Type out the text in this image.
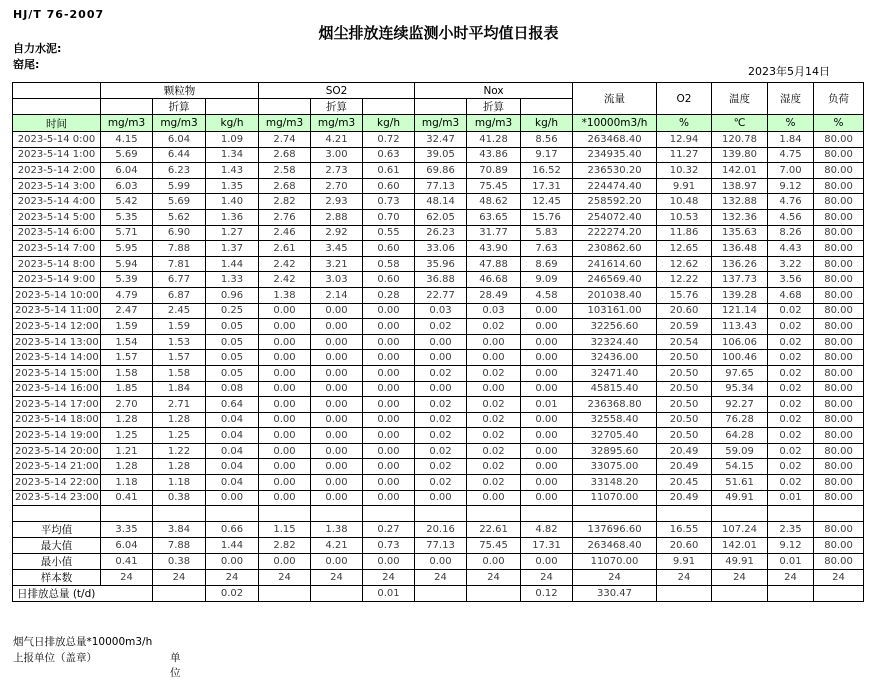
HJ/T 76-2007
烟尘排放连续监测小时平均值日报表
自力水泥:
窑尾:
2023年5月14日
	颗粒物			SO2			Nox			流量	O2	温度	湿度	负荷
		折算			折算			折算						
时间	mg/m3	mg/m3	kg/h	mg/m3	mg/m3	kg/h	mg/m3	mg/m3	kg/h	*10000m3/h	%	℃	%	%
2023-5-14 0:00	4.15	6.04	1.09	2.74	4.21	0.72	32.47	41.28	8.56	263468.40	12.94	120.78	1.84	80.00
2023-5-14 1:00	5.69	6.44	1.34	2.68	3.00	0.63	39.05	43.86	9.17	234935.40	11.27	139.80	4.75	80.00
2023-5-14 2:00	6.04	6.23	1.43	2.58	2.73	0.61	69.86	70.89	16.52	236530.20	10.32	142.01	7.00	80.00
2023-5-14 3:00	6.03	5.99	1.35	2.68	2.70	0.60	77.13	75.45	17.31	224474.40	9.91	138.97	9.12	80.00
2023-5-14 4:00	5.42	5.69	1.40	2.82	2.93	0.73	48.14	48.62	12.45	258592.20	10.48	132.88	4.76	80.00
2023-5-14 5:00	5.35	5.62	1.36	2.76	2.88	0.70	62.05	63.65	15.76	254072.40	10.53	132.36	4.56	80.00
2023-5-14 6:00	5.71	6.90	1.27	2.46	2.92	0.55	26.23	31.77	5.83	222274.20	11.86	135.63	8.26	80.00
2023-5-14 7:00	5.95	7.88	1.37	2.61	3.45	0.60	33.06	43.90	7.63	230862.60	12.65	136.48	4.43	80.00
2023-5-14 8:00	5.94	7.81	1.44	2.42	3.21	0.58	35.96	47.88	8.69	241614.60	12.62	136.26	3.22	80.00
2023-5-14 9:00	5.39	6.77	1.33	2.42	3.03	0.60	36.88	46.68	9.09	246569.40	12.22	137.73	3.56	80.00
2023-5-14 10:00	4.79	6.87	0.96	1.38	2.14	0.28	22.77	28.49	4.58	201038.40	15.76	139.28	4.68	80.00
2023-5-14 11:00	2.47	2.45	0.25	0.00	0.00	0.00	0.03	0.03	0.00	103161.00	20.60	121.14	0.02	80.00
2023-5-14 12:00	1.59	1.59	0.05	0.00	0.00	0.00	0.02	0.02	0.00	32256.60	20.59	113.43	0.02	80.00
2023-5-14 13:00	1.54	1.53	0.05	0.00	0.00	0.00	0.00	0.00	0.00	32324.40	20.54	106.06	0.02	80.00
2023-5-14 14:00	1.57	1.57	0.05	0.00	0.00	0.00	0.00	0.00	0.00	32436.00	20.50	100.46	0.02	80.00
2023-5-14 15:00	1.58	1.58	0.05	0.00	0.00	0.00	0.02	0.02	0.00	32471.40	20.50	97.65	0.02	80.00
2023-5-14 16:00	1.85	1.84	0.08	0.00	0.00	0.00	0.00	0.00	0.00	45815.40	20.50	95.34	0.02	80.00
2023-5-14 17:00	2.70	2.71	0.64	0.00	0.00	0.00	0.02	0.02	0.01	236368.80	20.50	92.27	0.02	80.00
2023-5-14 18:00	1.28	1.28	0.04	0.00	0.00	0.00	0.02	0.02	0.00	32558.40	20.50	76.28	0.02	80.00
2023-5-14 19:00	1.25	1.25	0.04	0.00	0.00	0.00	0.02	0.02	0.00	32705.40	20.50	64.28	0.02	80.00
2023-5-14 20:00	1.21	1.22	0.04	0.00	0.00	0.00	0.02	0.02	0.00	32895.60	20.49	59.09	0.02	80.00
2023-5-14 21:00	1.28	1.28	0.04	0.00	0.00	0.00	0.02	0.02	0.00	33075.00	20.49	54.15	0.02	80.00
2023-5-14 22:00	1.18	1.18	0.04	0.00	0.00	0.00	0.02	0.02	0.00	33148.20	20.45	51.61	0.02	80.00
2023-5-14 23:00	0.41	0.38	0.00	0.00	0.00	0.00	0.00	0.00	0.00	11070.00	20.49	49.91	0.01	80.00

平均值	3.35	3.84	0.66	1.15	1.38	0.27	20.16	22.61	4.82	137696.60	16.55	107.24	2.35	80.00
最大值	6.04	7.88	1.44	2.82	4.21	0.73	77.13	75.45	17.31	263468.40	20.60	142.01	9.12	80.00
最小值	0.41	0.38	0.00	0.00	0.00	0.00	0.00	0.00	0.00	11070.00	9.91	49.91	0.01	80.00
样本数	24	24	24	24	24	24	24	24	24	24	24	24	24	24
日排放总量 (t/d)			0.02			0.01			0.12	330.47				
烟气日排放总量*10000m3/h
上报单位（盖章）	单位
